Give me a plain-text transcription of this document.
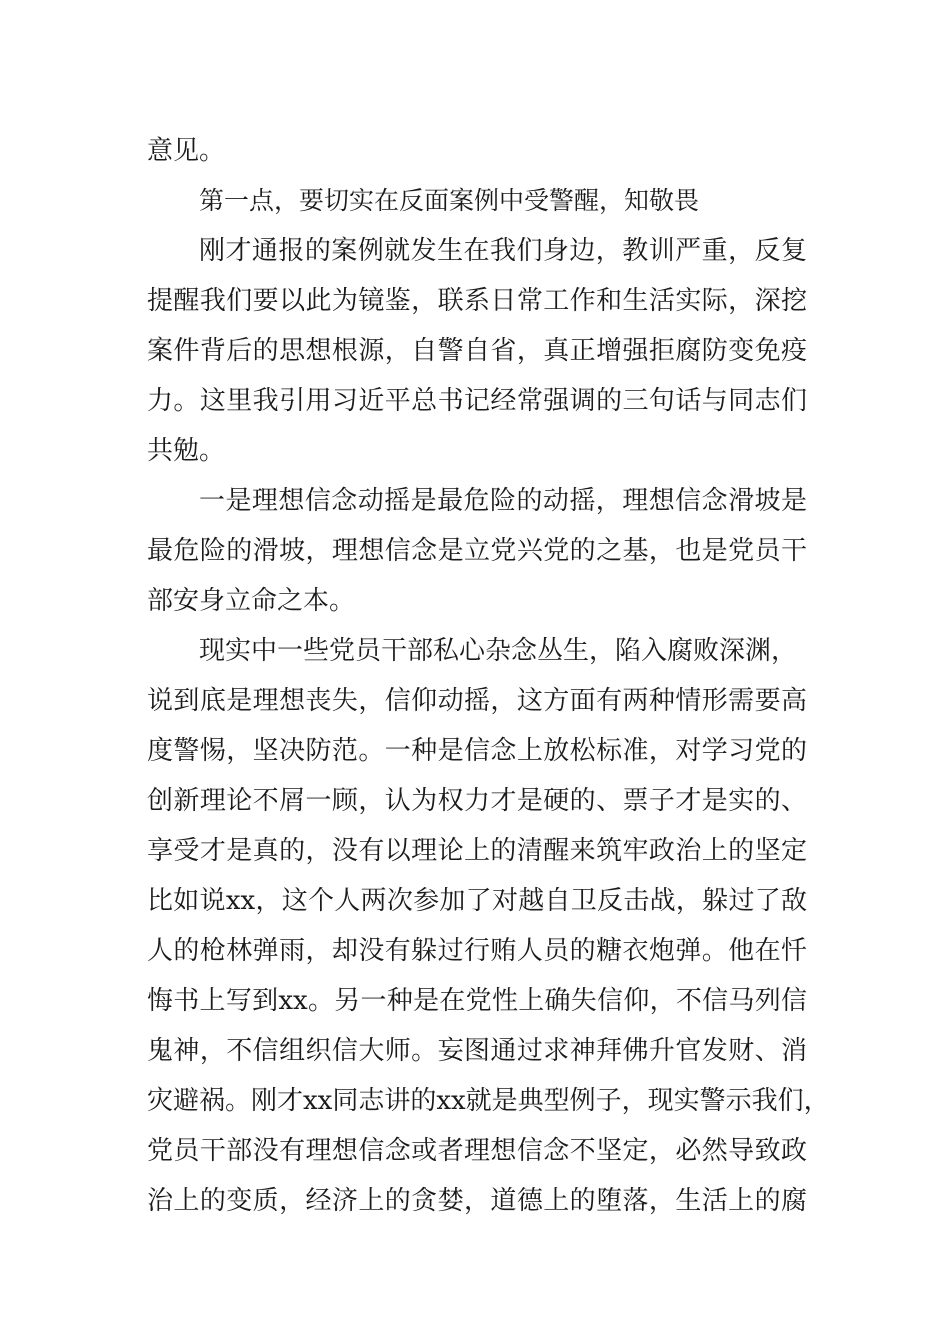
意见。
第一点，要切实在反面案例中受警醒，知敬畏
刚才通报的案例就发生在我们身边，教训严重，反复
提醒我们要以此为镜鉴，联系日常工作和生活实际，深挖
案件背后的思想根源，自警自省，真正增强拒腐防变免疫
力。这里我引用习近平总书记经常强调的三句话与同志们
共勉。
一是理想信念动摇是最危险的动摇，理想信念滑坡是
最危险的滑坡，理想信念是立党兴党的之基，也是党员干
部安身立命之本。
现实中一些党员干部私心杂念丛生，陷入腐败深渊，
说到底是理想丧失，信仰动摇，这方面有两种情形需要高
度警惕，坚决防范。一种是信念上放松标准，对学习党的
创新理论不屑一顾，认为权力才是硬的、票子才是实的、
享受才是真的，没有以理论上的清醒来筑牢政治上的坚定
比如说xx，这个人两次参加了对越自卫反击战，躲过了敌
人的枪林弹雨，却没有躲过行贿人员的糖衣炮弹。他在忏
悔书上写到xx。另一种是在党性上确失信仰，不信马列信
鬼神，不信组织信大师。妄图通过求神拜佛升官发财、消
灾避祸。刚才xx同志讲的xx就是典型例子，现实警示我们，
党员干部没有理想信念或者理想信念不坚定，必然导致政
治上的变质，经济上的贪婪，道德上的堕落，生活上的腐
